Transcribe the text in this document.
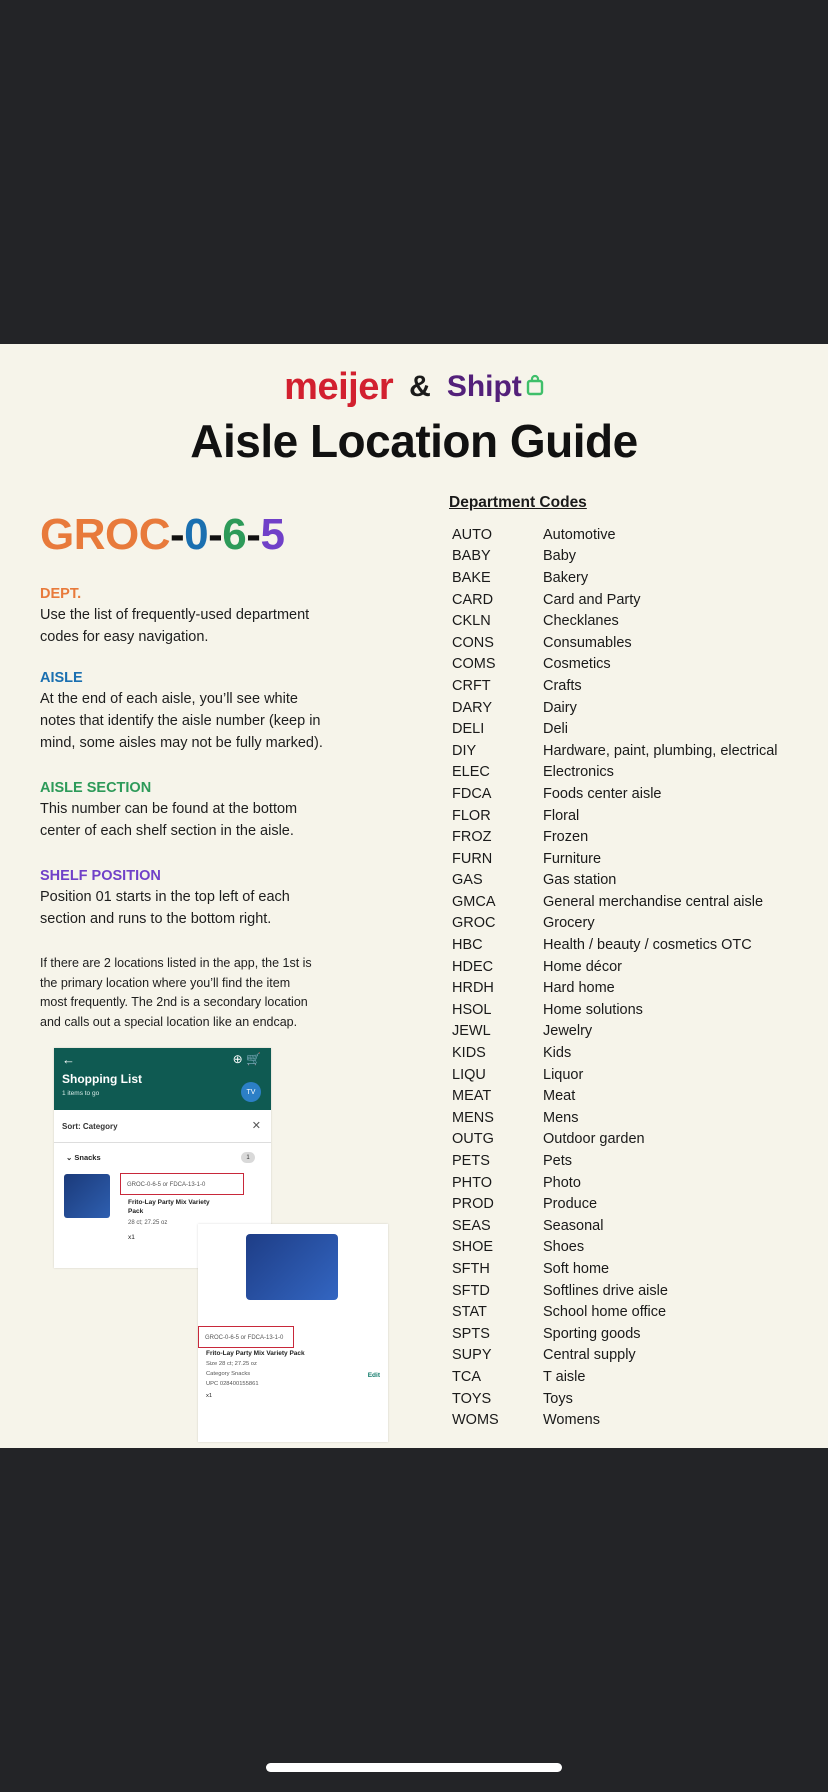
meijer & Shipt
Aisle Location Guide
GROC-0-6-5
DEPT.
Use the list of frequently-used department
codes for easy navigation.
AISLE
At the end of each aisle, you’ll see white
notes that identify the aisle number (keep in
mind, some aisles may not be fully marked).
AISLE SECTION
This number can be found at the bottom
center of each shelf section in the aisle.
SHELF POSITION
Position 01 starts in the top left of each
section and runs to the bottom right.
If there are 2 locations listed in the app, the 1st is
the primary location where you’ll find the item
most frequently. The 2nd is a secondary location
and calls out a special location like an endcap.
←	⊕ 🛒
Shopping List
1 items to go	TV
Sort: Category	✕
⌄ Snacks	1
GROC-0-6-5 or FDCA-13-1-0
Frito-Lay Party Mix Variety
Pack
28 ct; 27.25 oz
x1
GROC-0-6-5 or FDCA-13-1-0
Frito-Lay Party Mix Variety Pack
Size 28 ct; 27.25 oz
Category Snacks
UPC 028400155861
x1
Edit
Department Codes
AUTO	Automotive
BABY	Baby
BAKE	Bakery
CARD	Card and Party
CKLN	Checklanes
CONS	Consumables
COMS	Cosmetics
CRFT	Crafts
DARY	Dairy
DELI	Deli
DIY	Hardware, paint, plumbing, electrical
ELEC	Electronics
FDCA	Foods center aisle
FLOR	Floral
FROZ	Frozen
FURN	Furniture
GAS	Gas station
GMCA	General merchandise central aisle
GROC	Grocery
HBC	Health / beauty / cosmetics OTC
HDEC	Home décor
HRDH	Hard home
HSOL	Home solutions
JEWL	Jewelry
KIDS	Kids
LIQU	Liquor
MEAT	Meat
MENS	Mens
OUTG	Outdoor garden
PETS	Pets
PHTO	Photo
PROD	Produce
SEAS	Seasonal
SHOE	Shoes
SFTH	Soft home
SFTD	Softlines drive aisle
STAT	School home office
SPTS	Sporting goods
SUPY	Central supply
TCA	T aisle
TOYS	Toys
WOMS	Womens
